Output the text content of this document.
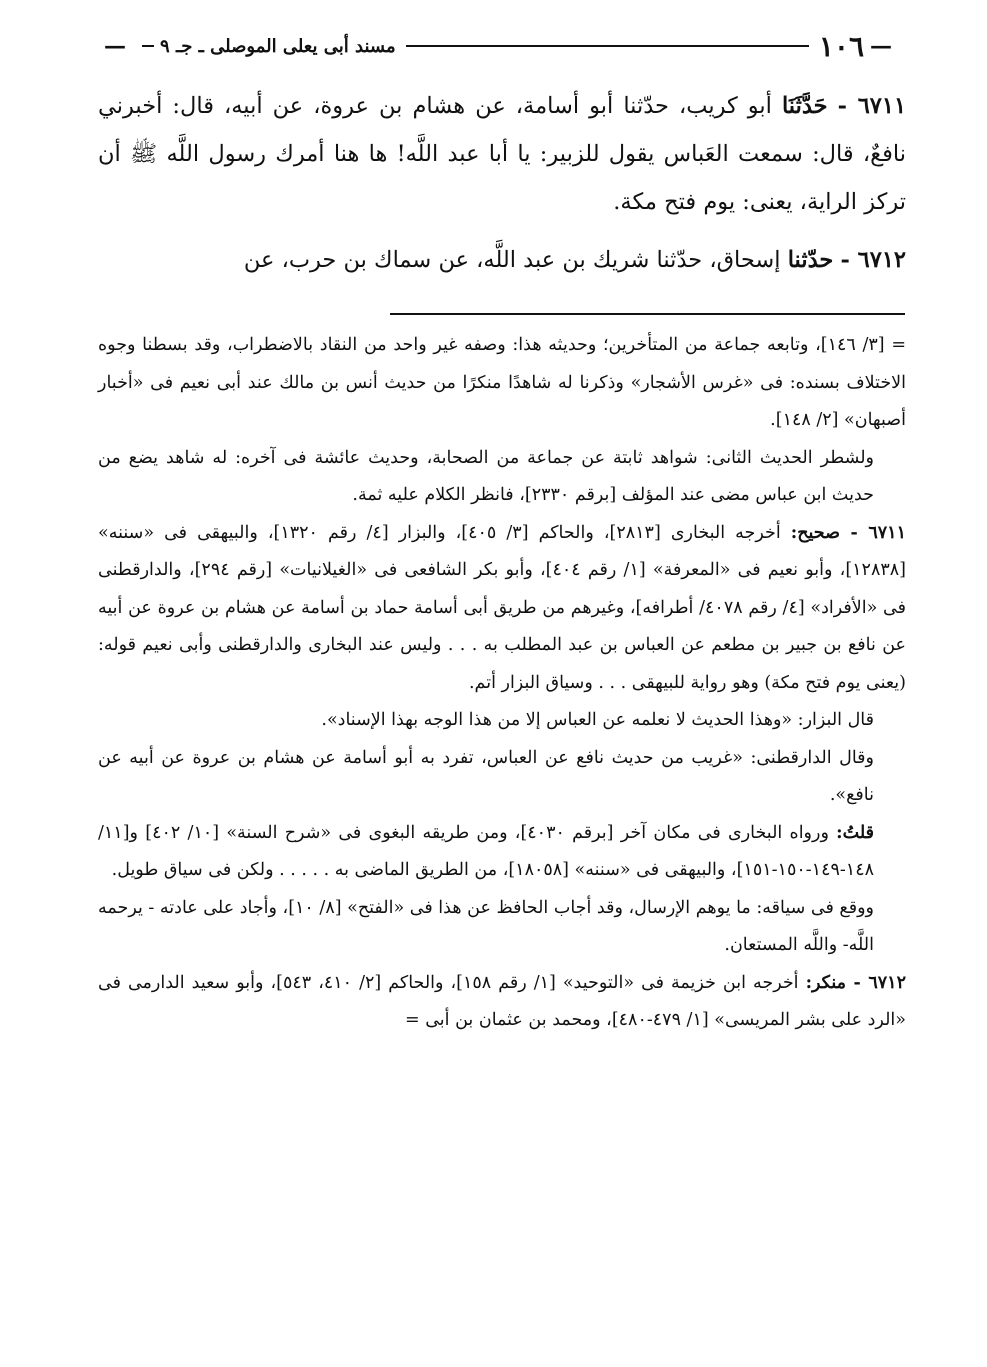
—
١٠٦
مسند أبى يعلى الموصلى ـ جـ ٩
—

٦٧١١ - حَدَّثَنَا أبو كريب، حدّثنا أبو أسامة، عن هشام بن عروة، عن أبيه، قال: أخبرني نافعٌ، قال: سمعت العَباس يقول للزبير: يا أبا عبد اللَّه! ها هنا أمرك رسول اللَّه ﷺ أن تركز الراية، يعنى: يوم فتح مكة.

٦٧١٢ - حدّثنا إسحاق، حدّثنا شريك بن عبد اللَّه، عن سماك بن حرب، عن

= [٣/ ١٤٦]، وتابعه جماعة من المتأخرين؛ وحديثه هذا: وصفه غير واحد من النقاد بالاضطراب، وقد بسطنا وجوه الاختلاف بسنده: فى «غرس الأشجار» وذكرنا له شاهدًا منكرًا من حديث أنس بن مالك عند أبى نعيم فى «أخبار أصبهان» [٢/ ١٤٨].

ولشطر الحديث الثانى: شواهد ثابتة عن جماعة من الصحابة، وحديث عائشة فى آخره: له شاهد يضع من حديث ابن عباس مضى عند المؤلف [برقم ٢٣٣٠]، فانظر الكلام عليه ثمة.

٦٧١١ - صحيح: أخرجه البخارى [٢٨١٣]، والحاكم [٣/ ٤٠٥]، والبزار [٤/ رقم ١٣٢٠]، والبيهقى فى «سننه» [١٢٨٣٨]، وأبو نعيم فى «المعرفة» [١/ رقم ٤٠٤]، وأبو بكر الشافعى فى «الغيلانيات» [رقم ٢٩٤]، والدارقطنى فى «الأفراد» [٤/ رقم ٤٠٧٨/ أطرافه]، وغيرهم من طريق أبى أسامة حماد بن أسامة عن هشام بن عروة عن أبيه عن نافع بن جبير بن مطعم عن العباس بن عبد المطلب به . . . وليس عند البخارى والدارقطنى وأبى نعيم قوله: (يعنى يوم فتح مكة) وهو رواية للبيهقى . . . وسياق البزار أتم.

قال البزار: «وهذا الحديث لا نعلمه عن العباس إلا من هذا الوجه بهذا الإسناد».

وقال الدارقطنى: «غريب من حديث نافع عن العباس، تفرد به أبو أسامة عن هشام بن عروة عن أبيه عن نافع».

قلتُ: ورواه البخارى فى مكان آخر [برقم ٤٠٣٠]، ومن طريقه البغوى فى «شرح السنة» [١٠/ ٤٠٢] و[١١/ ١٤٨-١٤٩-١٥٠-١٥١]، والبيهقى فى «سننه» [١٨٠٥٨]، من الطريق الماضى به . . . . . ولكن فى سياق طويل.

ووقع فى سياقه: ما يوهم الإرسال، وقد أجاب الحافظ عن هذا فى «الفتح» [٨/ ١٠]، وأجاد على عادته - يرحمه اللَّه- واللَّه المستعان.

٦٧١٢ - منكر: أخرجه ابن خزيمة فى «التوحيد» [١/ رقم ١٥٨]، والحاكم [٢/ ٤١٠، ٥٤٣]، وأبو سعيد الدارمى فى «الرد على بشر المريسى» [١/ ٤٧٩-٤٨٠]، ومحمد بن عثمان بن أبى =
